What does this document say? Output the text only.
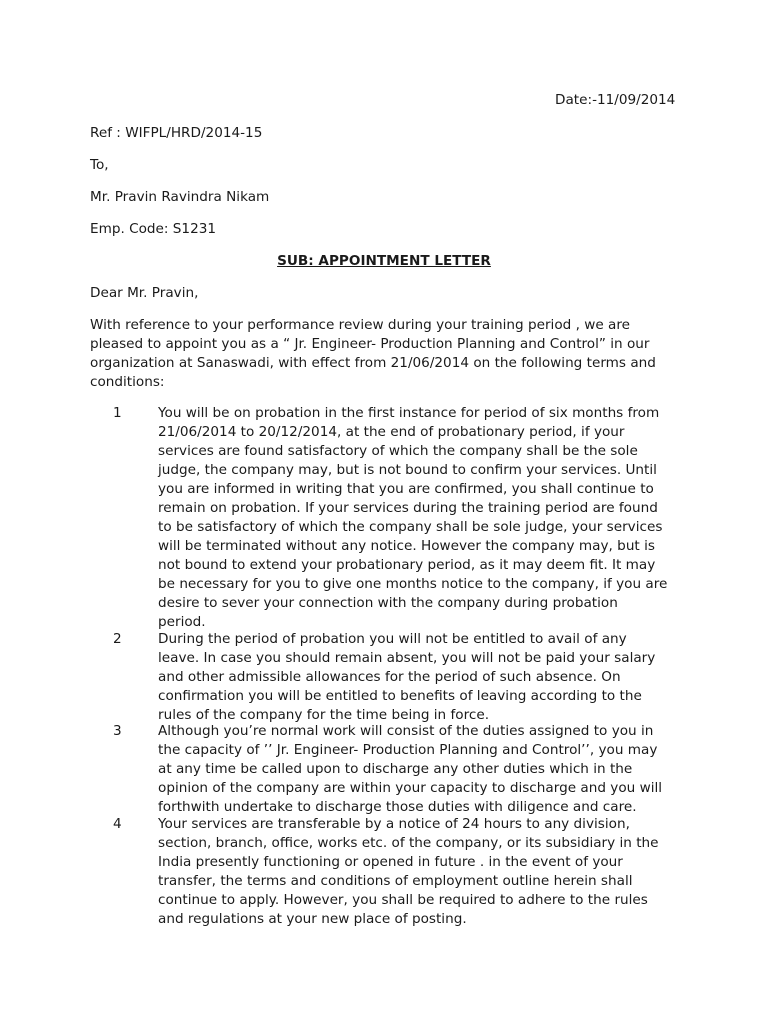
Date:-11/09/2014
Ref : WIFPL/HRD/2014-15
To,
Mr. Pravin Ravindra Nikam
Emp. Code: S1231
SUB: APPOINTMENT LETTER
Dear Mr. Pravin,
With reference to your performance review during your training period , we are
pleased to appoint you as a “ Jr. Engineer- Production Planning and Control” in our
organization at Sanaswadi, with effect from 21/06/2014 on the following terms and
conditions:
1	You will be on probation in the first instance for period of six months from
21/06/2014 to 20/12/2014, at the end of probationary period, if your
services are found satisfactory of which the company shall be the sole
judge, the company may, but is not bound to confirm your services. Until
you are informed in writing that you are confirmed, you shall continue to
remain on probation. If your services during the training period are found
to be satisfactory of which the company shall be sole judge, your services
will be terminated without any notice. However the company may, but is
not bound to extend your probationary period, as it may deem fit. It may
be necessary for you to give one months notice to the company, if you are
desire to sever your connection with the company during probation
period.
2	During the period of probation you will not be entitled to avail of any
leave. In case you should remain absent, you will not be paid your salary
and other admissible allowances for the period of such absence. On
confirmation you will be entitled to benefits of leaving according to the
rules of the company for the time being in force.
3	Although you’re normal work will consist of the duties assigned to you in
the capacity of ’’ Jr. Engineer- Production Planning and Control’’, you may
at any time be called upon to discharge any other duties which in the
opinion of the company are within your capacity to discharge and you will
forthwith undertake to discharge those duties with diligence and care.
4	Your services are transferable by a notice of 24 hours to any division,
section, branch, office, works etc. of the company, or its subsidiary in the
India presently functioning or opened in future . in the event of your
transfer, the terms and conditions of employment outline herein shall
continue to apply. However, you shall be required to adhere to the rules
and regulations at your new place of posting.
